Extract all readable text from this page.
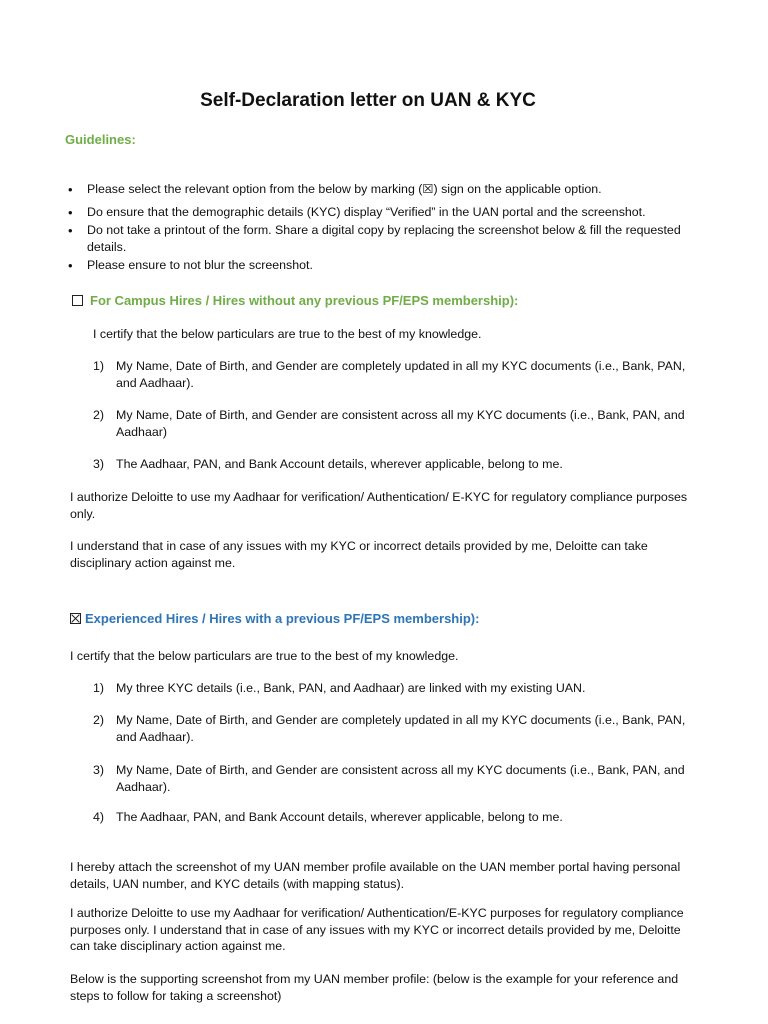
Self-Declaration letter on UAN & KYC
Guidelines:
• Please select the relevant option from the below by marking (☒) sign on the applicable option.
• Do ensure that the demographic details (KYC) display “Verified” in the UAN portal and the screenshot.
• Do not take a printout of the form. Share a digital copy by replacing the screenshot below & fill the requested details.
• Please ensure to not blur the screenshot.
For Campus Hires / Hires without any previous PF/EPS membership):
I certify that the below particulars are true to the best of my knowledge.
1) My Name, Date of Birth, and Gender are completely updated in all my KYC documents (i.e., Bank, PAN, and Aadhaar).
2) My Name, Date of Birth, and Gender are consistent across all my KYC documents (i.e., Bank, PAN, and Aadhaar)
3) The Aadhaar, PAN, and Bank Account details, wherever applicable, belong to me.
I authorize Deloitte to use my Aadhaar for verification/ Authentication/ E-KYC for regulatory compliance purposes only.
I understand that in case of any issues with my KYC or incorrect details provided by me, Deloitte can take disciplinary action against me.
Experienced Hires / Hires with a previous PF/EPS membership):
I certify that the below particulars are true to the best of my knowledge.
1) My three KYC details (i.e., Bank, PAN, and Aadhaar) are linked with my existing UAN.
2) My Name, Date of Birth, and Gender are completely updated in all my KYC documents (i.e., Bank, PAN, and Aadhaar).
3) My Name, Date of Birth, and Gender are consistent across all my KYC documents (i.e., Bank, PAN, and Aadhaar).
4) The Aadhaar, PAN, and Bank Account details, wherever applicable, belong to me.
I hereby attach the screenshot of my UAN member profile available on the UAN member portal having personal details, UAN number, and KYC details (with mapping status).
I authorize Deloitte to use my Aadhaar for verification/ Authentication/E-KYC purposes for regulatory compliance purposes only. I understand that in case of any issues with my KYC or incorrect details provided by me, Deloitte can take disciplinary action against me.
Below is the supporting screenshot from my UAN member profile: (below is the example for your reference and steps to follow for taking a screenshot)
